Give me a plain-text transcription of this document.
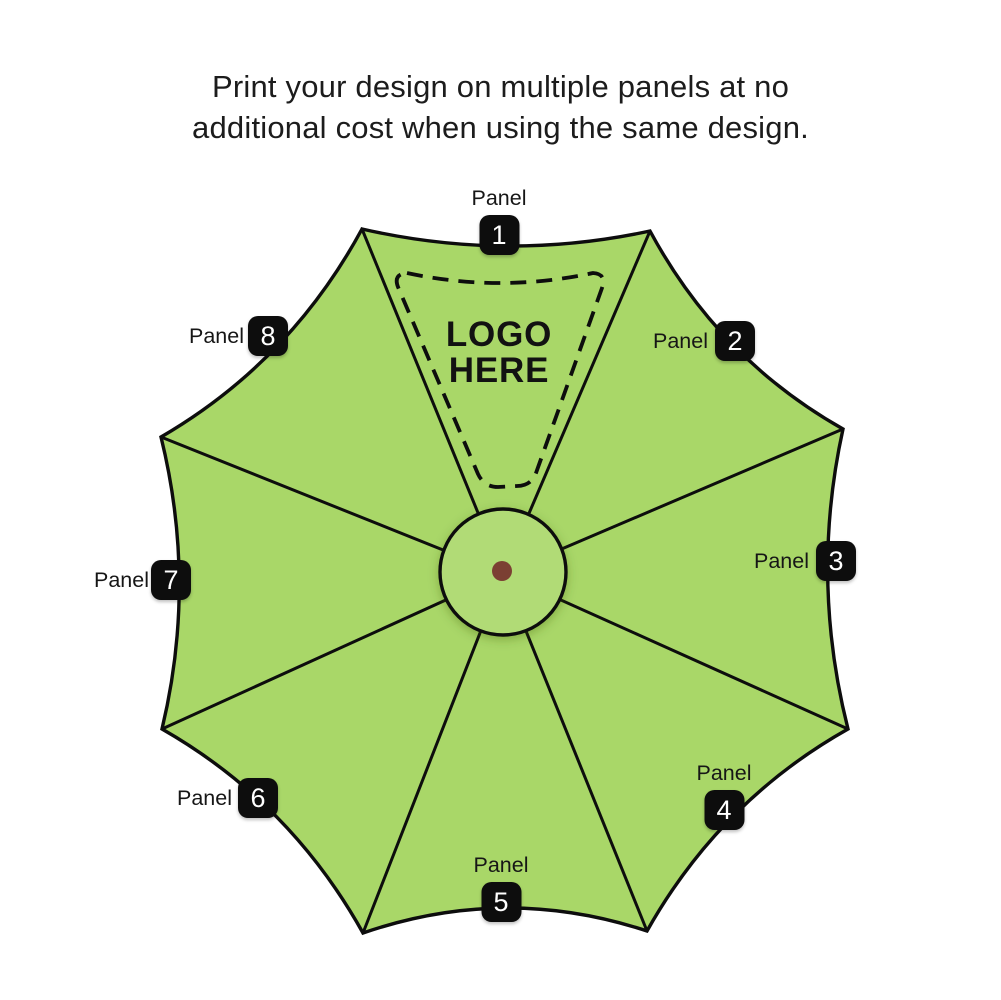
Print your design on multiple panels at no
additional cost when using the same design.
LOGO
HERE
Panel
1
Panel 2
Panel 3
Panel
4
Panel
5
Panel 6
Panel 7
Panel 8
